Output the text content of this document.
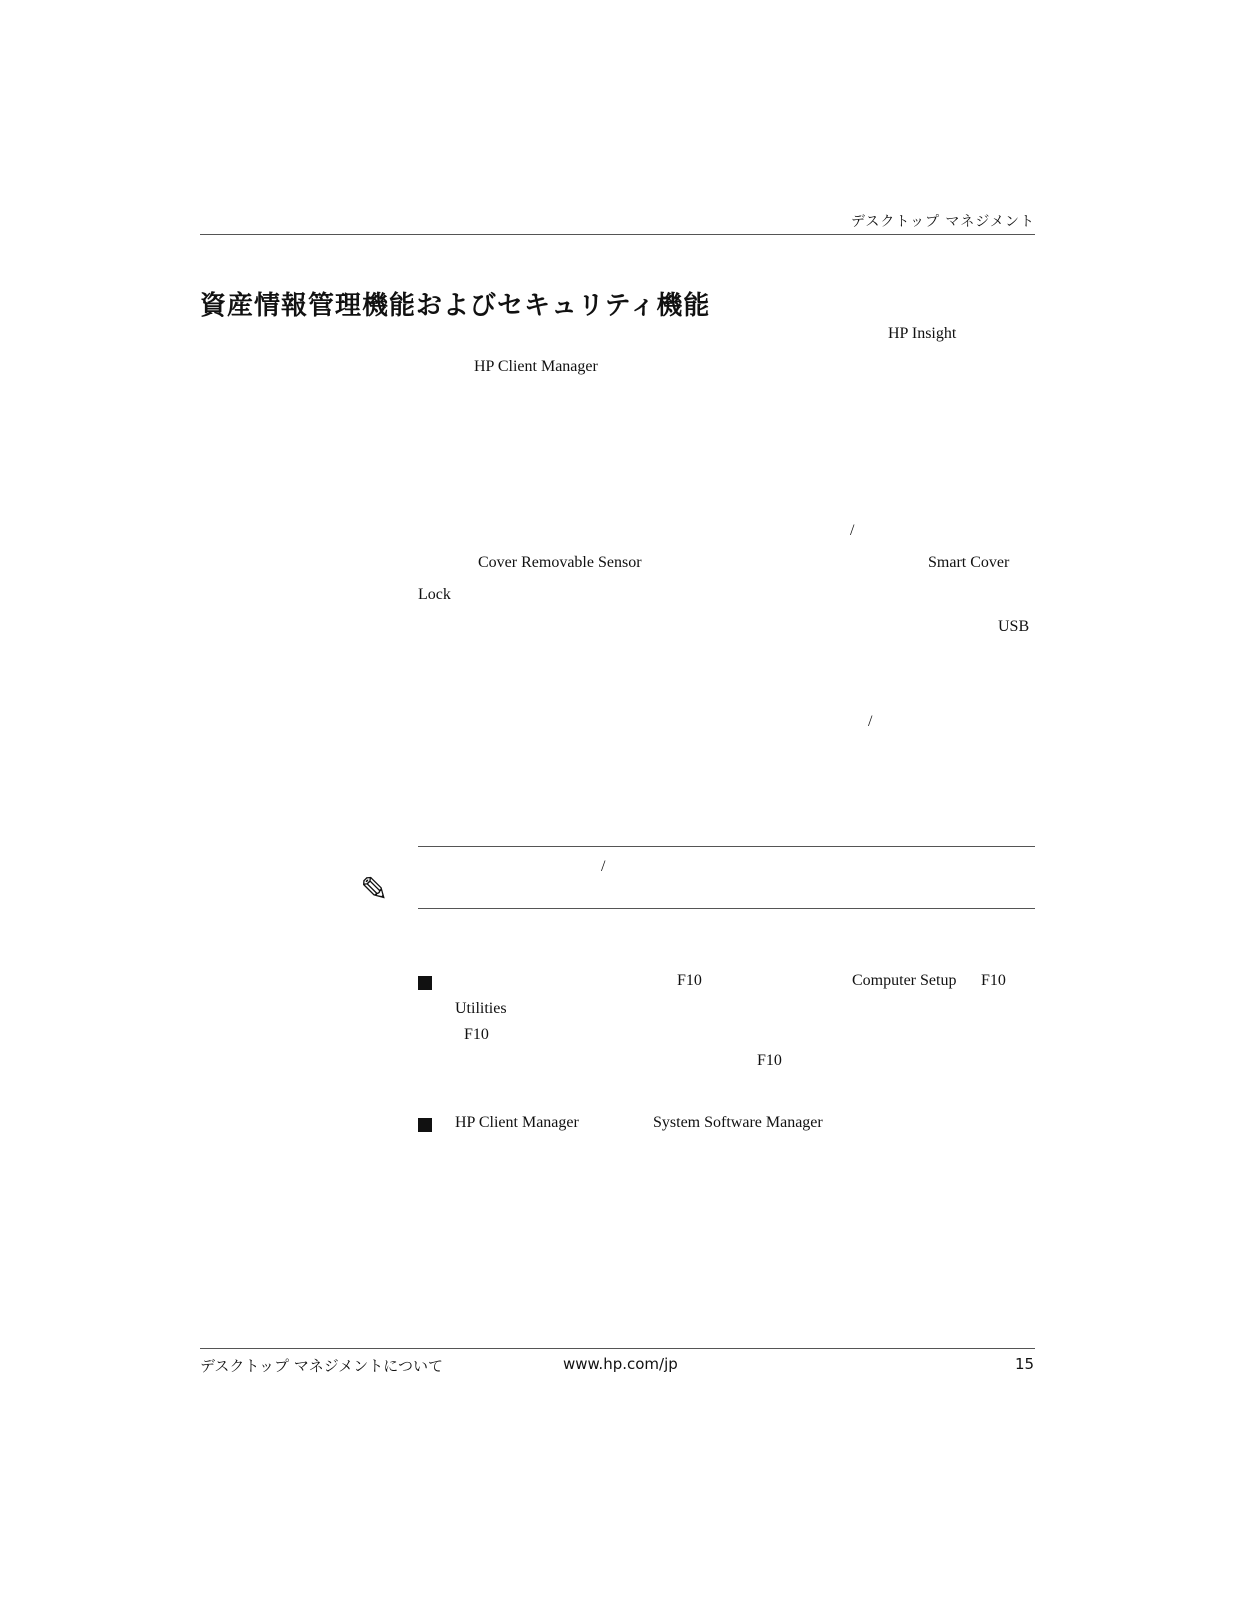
デスクトップ マネジメント
資産情報管理機能およびセキュリティ機能
HP Insight
HP Client Manager
/
Cover Removable Sensor	Smart Cover
Lock
USB
/
✎
/
F10	Computer Setup F10
Utilities
F10
F10
HP Client Manager	System Software Manager
デスクトップ マネジメントについて	www.hp.com/jp	15
